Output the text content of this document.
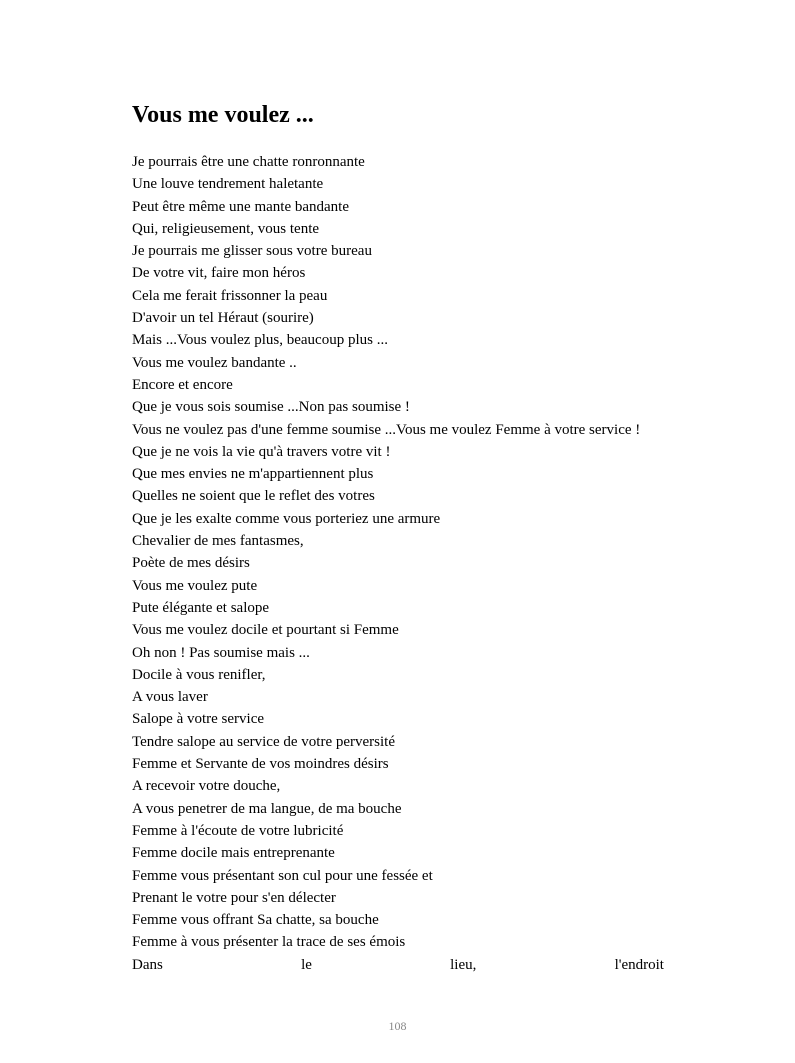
Vous me voulez ...
Je pourrais être une chatte ronronnante
Une louve tendrement haletante
Peut être même une mante bandante
Qui, religieusement, vous tente
Je pourrais me glisser sous votre bureau
De votre vit, faire mon héros
Cela me ferait frissonner la peau
D'avoir un tel Héraut (sourire)
Mais ...Vous voulez plus, beaucoup plus ...
Vous me voulez bandante ..
Encore et encore
Que je vous sois soumise ...Non pas soumise !
Vous ne voulez pas d'une femme soumise ...Vous me voulez Femme à votre service !
Que je ne vois la vie qu'à travers votre vit !
Que mes envies ne m'appartiennent plus
Quelles ne soient que le reflet des votres
Que je les exalte comme vous porteriez une armure
Chevalier de mes fantasmes,
Poète de mes désirs
Vous me voulez pute
Pute élégante et salope
Vous me voulez docile et pourtant si Femme
Oh non ! Pas soumise mais ...
Docile à vous renifler,
A vous laver
Salope à votre service
Tendre salope au service de votre perversité
Femme et Servante de vos moindres désirs
A recevoir votre douche,
A vous penetrer de ma langue, de ma bouche
Femme à l'écoute de votre lubricité
Femme docile mais entreprenante
Femme vous présentant son cul pour une fessée et
Prenant le votre pour s'en délecter
Femme vous offrant Sa chatte, sa bouche
Femme à vous présenter la trace de ses émois
Dans	le	lieu,	l'endroit
108
